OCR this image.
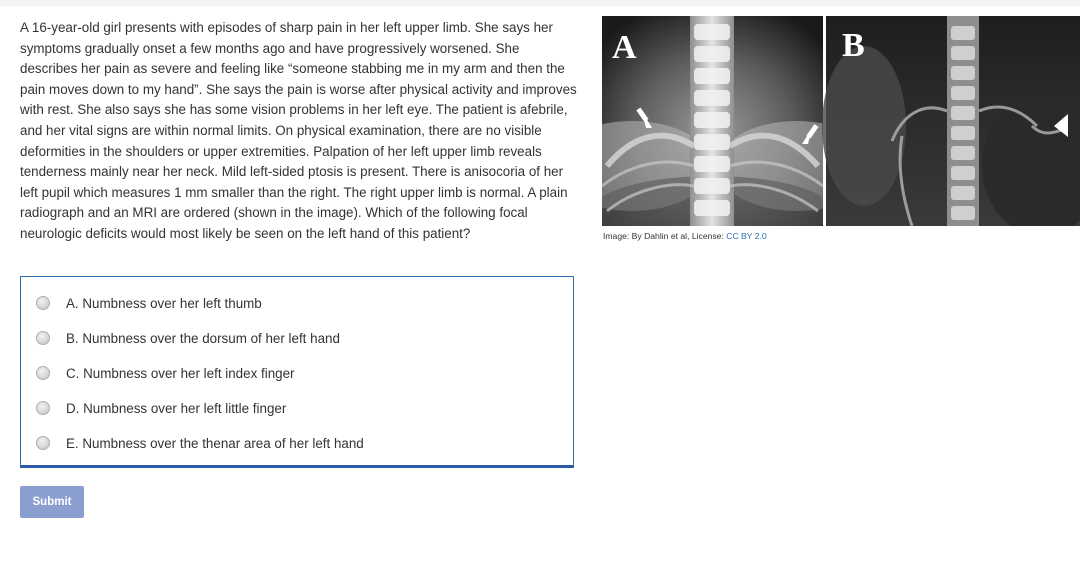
A 16-year-old girl presents with episodes of sharp pain in her left upper limb. She says her symptoms gradually onset a few months ago and have progressively worsened. She describes her pain as severe and feeling like “someone stabbing me in my arm and then the pain moves down to my hand”. She says the pain is worse after physical activity and improves with rest. She also says she has some vision problems in her left eye. The patient is afebrile, and her vital signs are within normal limits. On physical examination, there are no visible deformities in the shoulders or upper extremities. Palpation of her left upper limb reveals tenderness mainly near her neck. Mild left-sided ptosis is present. There is anisocoria of her left pupil which measures 1 mm smaller than the right. The right upper limb is normal. A plain radiograph and an MRI are ordered (shown in the image). Which of the following focal neurologic deficits would most likely be seen on the left hand of this patient?

A	B
Image: By Dahlin et al, License: CC BY 2.0
A. Numbness over her left thumb
B. Numbness over the dorsum of her left hand
C. Numbness over her left index finger
D. Numbness over her left little finger
E. Numbness over the thenar area of her left hand
Submit
